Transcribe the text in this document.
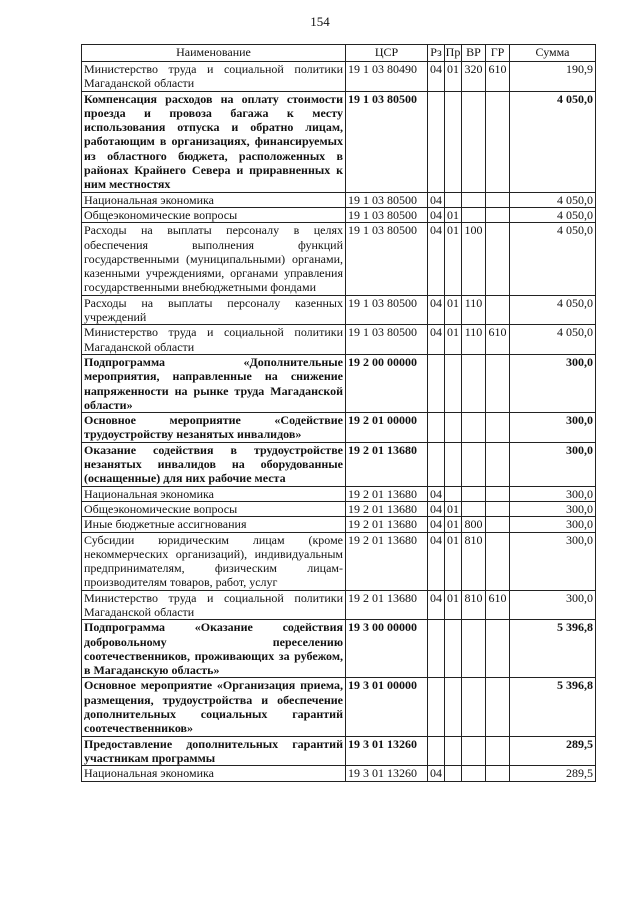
154
Наименование	ЦСР	Рз	Пр	ВР	ГР	Сумма
Министерство труда и социальной политики Магаданской области	19 1 03 80490	04	01	320	610	190,9
Компенсация расходов на оплату стоимости проезда и провоза багажа к месту использования отпуска и обратно лицам, работающим в организациях, финансируемых из областного бюджета, расположенных в районах Крайнего Севера и приравненных к ним местностях	19 1 03 80500					4 050,0
Национальная экономика	19 1 03 80500	04				4 050,0
Общеэкономические вопросы	19 1 03 80500	04	01			4 050,0
Расходы на выплаты персоналу в целях обеспечения выполнения функций государственными (муниципальными) органами, казенными учреждениями, органами управления государственными внебюджетными фондами	19 1 03 80500	04	01	100		4 050,0
Расходы на выплаты персоналу казенных учреждений	19 1 03 80500	04	01	110		4 050,0
Министерство труда и социальной политики Магаданской области	19 1 03 80500	04	01	110	610	4 050,0
Подпрограмма «Дополнительные мероприятия, направленные на снижение напряженности на рынке труда Магаданской области»	19 2 00 00000					300,0
Основное мероприятие «Содействие трудоустройству незанятых инвалидов»	19 2 01 00000					300,0
Оказание содействия в трудоустройстве незанятых инвалидов на оборудованные (оснащенные) для них рабочие места	19 2 01 13680					300,0
Национальная экономика	19 2 01 13680	04				300,0
Общеэкономические вопросы	19 2 01 13680	04	01			300,0
Иные бюджетные ассигнования	19 2 01 13680	04	01	800		300,0
Субсидии юридическим лицам (кроме некоммерческих организаций), индивидуальным предпринимателям, физическим лицам-производителям товаров, работ, услуг	19 2 01 13680	04	01	810		300,0
Министерство труда и социальной политики Магаданской области	19 2 01 13680	04	01	810	610	300,0
Подпрограмма «Оказание содействия добровольному переселению соотечественников, проживающих за рубежом, в Магаданскую область»	19 3 00 00000					5 396,8
Основное мероприятие «Организация приема, размещения, трудоустройства и обеспечение дополнительных социальных гарантий соотечественников»	19 3 01 00000					5 396,8
Предоставление дополнительных гарантий участникам программы	19 3 01 13260					289,5
Национальная экономика	19 3 01 13260	04				289,5
